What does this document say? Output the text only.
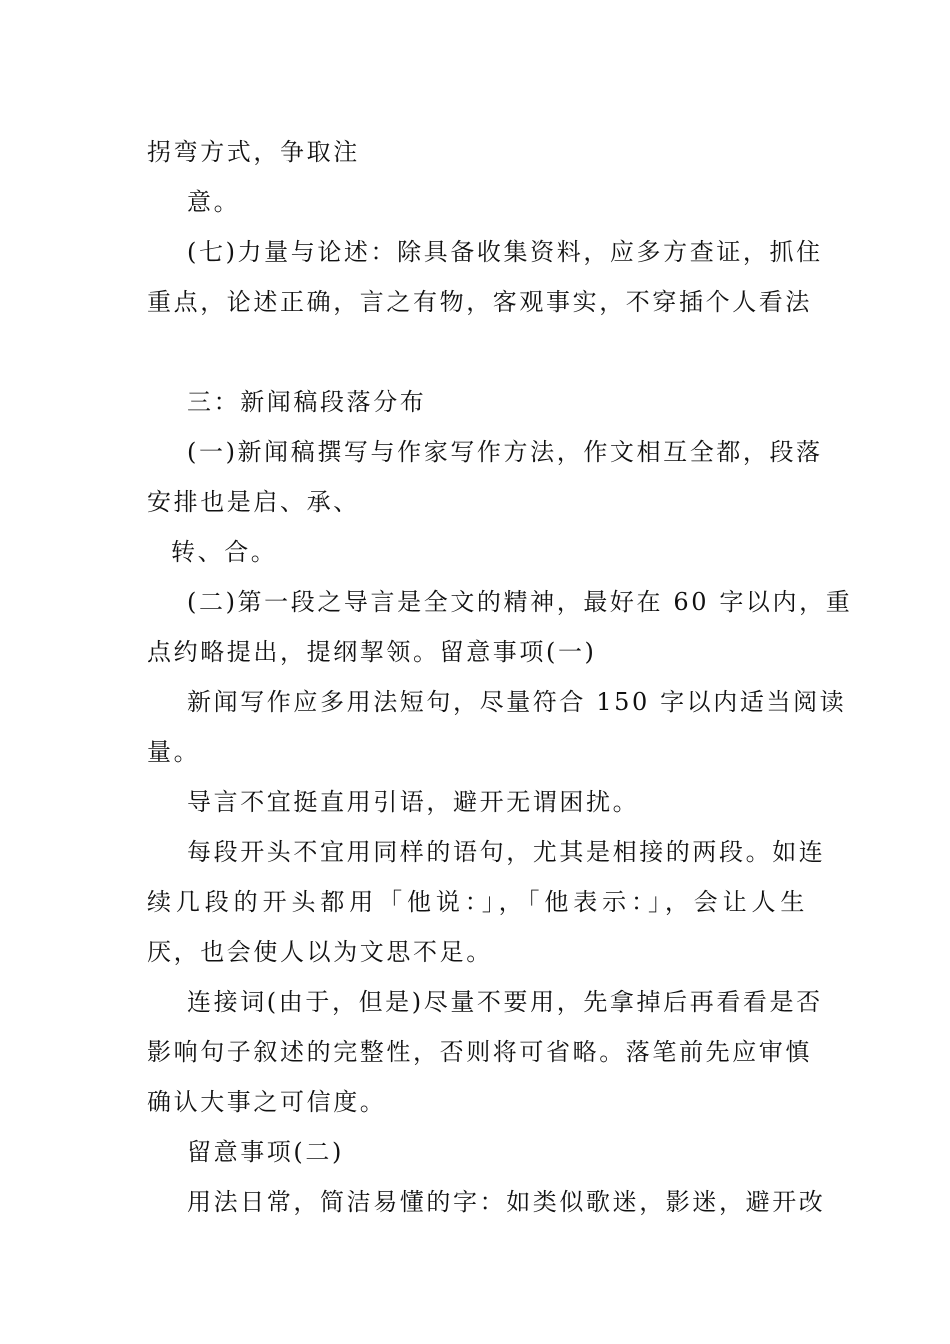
拐弯方式，争取注
意。
(七)力量与论述：除具备收集资料，应多方查证，抓住
重点，论述正确，言之有物，客观事实，不穿插个人看法
三：新闻稿段落分布
(一)新闻稿撰写与作家写作方法，作文相互全都，段落
安排也是启、承、
转、合。
(二)第一段之导言是全文的精神，最好在 60 字以内，重
点约略提出，提纲挈领。留意事项(一)
新闻写作应多用法短句，尽量符合 150 字以内适当阅读
量。
导言不宜挺直用引语，避开无谓困扰。
每段开头不宜用同样的语句，尤其是相接的两段。如连
续几段的开头都用「他说：」，「他表示：」，会让人生
厌，也会使人以为文思不足。
连接词(由于，但是)尽量不要用，先拿掉后再看看是否
影响句子叙述的完整性，否则将可省略。落笔前先应审慎
确认大事之可信度。
留意事项(二)
用法日常，简洁易懂的字：如类似歌迷，影迷，避开改
